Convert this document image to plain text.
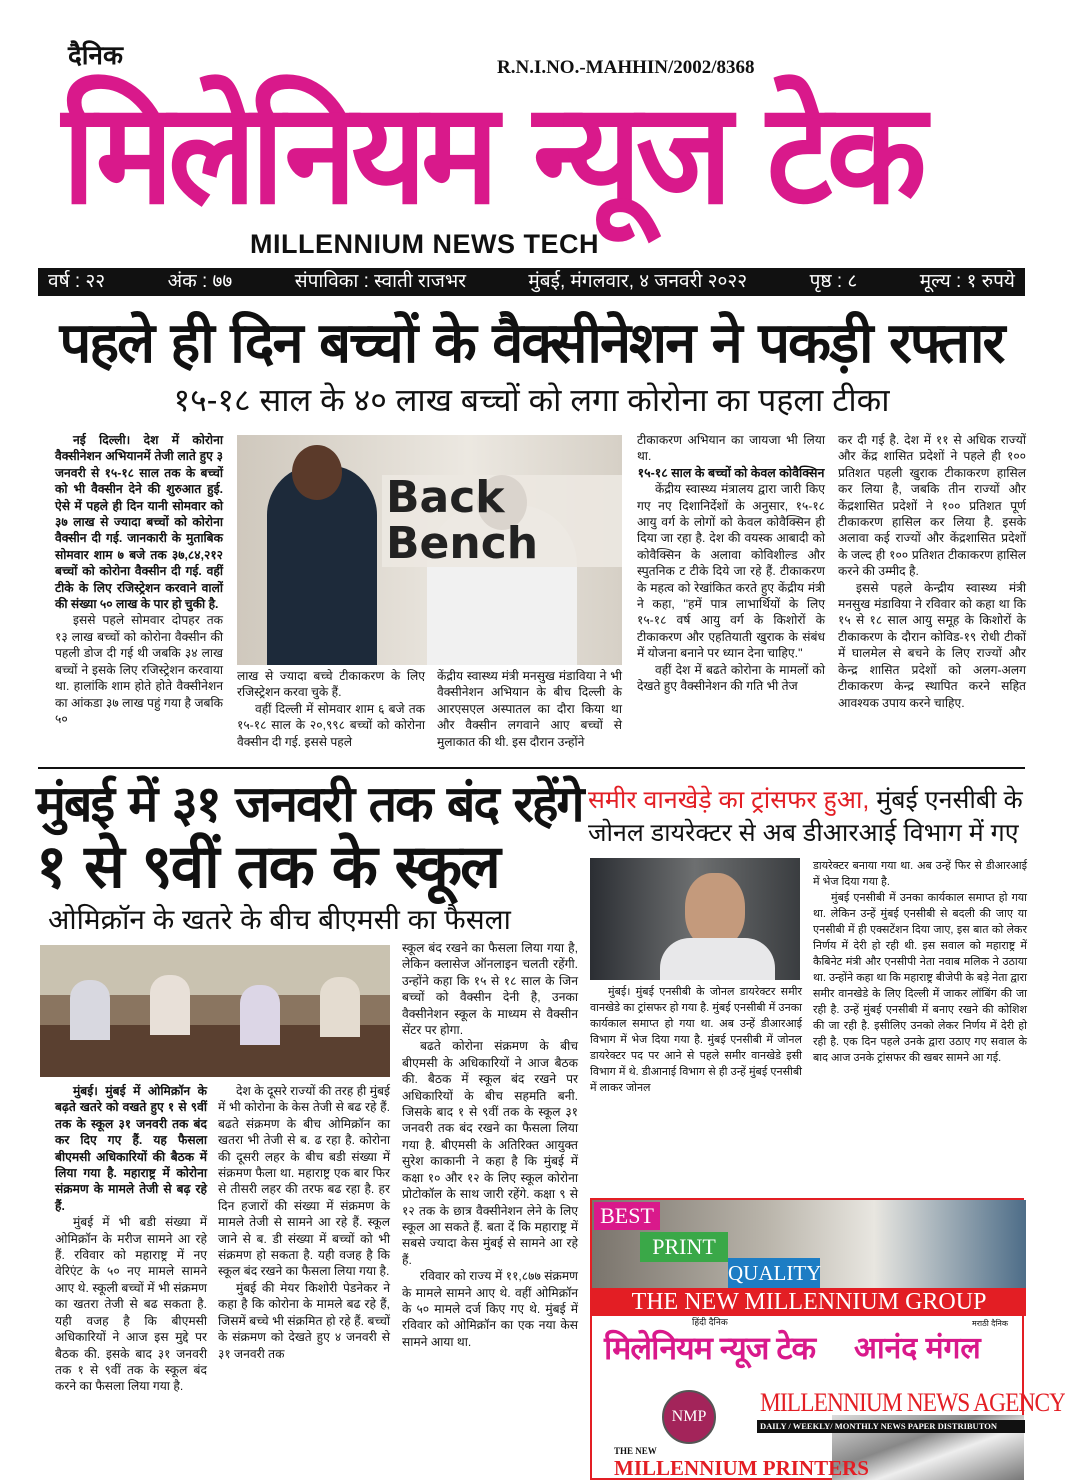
दैनिक	R.N.I.NO.-MAHHIN/2002/8368
मिलेनियम न्यूज टेक
MILLENNIUM NEWS TECH
वर्ष : २२	अंक : ७७	संपाविका : स्वाती राजभर	मुंबई, मंगलवार, ४ जनवरी २०२२	पृष्ठ : ८	मूल्य : १ रुपये
पहले ही दिन बच्चों के वैक्सीनेशन ने पकड़ी रफ्तार
१५-१८ साल के ४० लाख बच्चों को लगा कोरोना का पहला टीका

नई दिल्ली। देश में कोरोना वैक्सीनेशन अभियानमें तेजी लाते हुए ३ जनवरी से १५-१८ साल तक के बच्चों को भी वैक्सीन देने की शुरुआत हुई. ऐसे में पहले ही दिन यानी सोमवार को ३७ लाख से ज्यादा बच्चों को कोरोना वैक्सीन दी गई. जानकारी के मुताबिक सोमवार शाम ७ बजे तक ३७,८४,२१२ बच्चों को कोरोना वैक्सीन दी गई. वहीं टीके के लिए रजिस्ट्रेशन करवाने वालों की संख्या ५० लाख के पार हो चुकी है.

इससे पहले सोमवार दोपहर तक १३ लाख बच्चों को कोरोना वैक्सीन की पहली डोज दी गई थी जबकि ३४ लाख बच्चों ने इसके लिए रजिस्ट्रेशन करवाया था. हालांकि शाम होते होते वैक्सीनेशन का आंकडा ३७ लाख पहुं गया है जबकि ५०

Back Bench

लाख से ज्यादा बच्चे टीकाकरण के लिए रजिस्ट्रेशन करवा चुके हैं.

वहीं दिल्ली में सोमवार शाम ६ बजे तक १५-१८ साल के २०,९९८ बच्चों को कोरोना वैक्सीन दी गई. इससे पहले

केंद्रीय स्वास्थ्य मंत्री मनसुख मंडाविया ने भी वैक्सीनेशन अभियान के बीच दिल्ली के आरएसएल अस्पातल का दौरा किया था और वैक्सीन लगवाने आए बच्चों से मुलाकात की थी. इस दौरान उन्होंने

टीकाकरण अभियान का जायजा भी लिया था.

१५-१८ साल के बच्चों को केवल कोवैक्सिन

केंद्रीय स्वास्थ्य मंत्रालय द्वारा जारी किए गए नए दिशानिर्देशों के अनुसार, १५-१८ आयु वर्ग के लोगों को केवल कोवैक्सिन ही दिया जा रहा है. देश की वयस्क आबादी को कोवैक्सिन के अलावा कोविशील्ड और स्पुतनिक ट टीके दिये जा रहे हैं. टीकाकरण के महत्व को रेखांकित करते हुए केंद्रीय मंत्री ने कहा, ''हमें पात्र लाभार्थियों के लिए १५-१८ वर्ष आयु वर्ग के किशोरों के टीकाकरण और एहतियाती खुराक के संबंध में योजना बनाने पर ध्यान देना चाहिए.''

वहीं देश में बढते कोरोना के मामलों को देखते हुए वैक्सीनेशन की गति भी तेज

कर दी गई है. देश में ११ से अधिक राज्यों और केंद्र शासित प्रदेशों ने पहले ही १०० प्रतिशत पहली खुराक टीकाकरण हासिल कर लिया है, जबकि तीन राज्यों और केंद्रशासित प्रदेशों ने १०० प्रतिशत पूर्ण टीकाकरण हासिल कर लिया है. इसके अलावा कई राज्यों और केंद्रशासित प्रदेशों के जल्द ही १०० प्रतिशत टीकाकरण हासिल करने की उम्मीद है.

इससे पहले केन्द्रीय स्वास्थ्य मंत्री मनसुख मंडाविया ने रविवार को कहा था कि १५ से १८ साल आयु समूह के किशोरों के टीकाकरण के दौरान कोविड-१९ रोधी टीकों में घालमेल से बचने के लिए राज्यों और केन्द्र शासित प्रदेशों को अलग-अलग टीकाकरण केन्द्र स्थापित करने सहित आवश्यक उपाय करने चाहिए.

मुंबई में ३१ जनवरी तक बंद रहेंगे
१ से ९वीं तक के स्कूल
ओमिक्रॉन के खतरे के बीच बीएमसी का फैसला

मुंबई। मुंबई में ओमिक्रॉन के बढ़ते खतरे को वखते हुए १ से ९वीं तक के स्कूल ३१ जनवरी तक बंद कर दिए गए हैं. यह फैसला बीएमसी अधिकारियों की बैठक में लिया गया है. महाराष्ट्र में कोरोना संक्रमण के मामले तेजी से बढ़ रहे हैं.

मुंबई में भी बडी संख्या में ओमिक्रॉन के मरीज सामने आ रहे हैं. रविवार को महाराष्ट्र में नए वेरिएंट के ५० नए मामले सामने आए थे. स्कूली बच्चों में भी संक्रमण का खतरा तेजी से बढ सकता है. यही वजह है कि बीएमसी अधिकारियों ने आज इस मुद्दे पर बैठक की. इसके बाद ३१ जनवरी तक १ से ९वीं तक के स्कूल बंद करने का फैसला लिया गया है.

देश के दूसरे राज्यों की तरह ही मुंबई में भी कोरोना के केस तेजी से बढ रहे हैं. बढते संक्रमण के बीच ओमिक्रॉन का खतरा भी तेजी से ब. ढ रहा है. कोरोना की दूसरी लहर के बीच बडी संख्या में संक्रमण फैला था. महाराष्ट्र एक बार फिर से तीसरी लहर की तरफ बढ रहा है. हर दिन हजारों की संख्या में संक्रमण के मामले तेजी से सामने आ रहे हैं. स्कूल जाने से ब. डी संख्या में बच्चों को भी संक्रमण हो सकता है. यही वजह है कि स्कूल बंद रखने का फैसला लिया गया है.

मुंबई की मेयर किशोरी पेडनेकर ने कहा है कि कोरोना के मामले बढ रहे हैं, जिसमें बच्चे भी संक्रमित हो रहे हैं. बच्चों के संक्रमण को देखते हुए ४ जनवरी से ३१ जनवरी तक

स्कूल बंद रखने का फैसला लिया गया है, लेकिन क्लासेज ऑनलाइन चलती रहेंगी. उन्होंने कहा कि १५ से १८ साल के जिन बच्चों को वैक्सीन देनी है, उनका वैक्सीनेशन स्कूल के माध्यम से वैक्सीन सेंटर पर होगा.

बढते कोरोना संक्रमण के बीच बीएमसी के अधिकारियों ने आज बैठक की. बैठक में स्कूल बंद रखने पर अधिकारियों के बीच सहमति बनी. जिसके बाद १ से ९वीं तक के स्कूल ३१ जनवरी तक बंद रखने का फैसला लिया गया है. बीएमसी के अतिरिक्त आयुक्त सुरेश काकानी ने कहा है कि मुंबई में कक्षा १० और १२ के लिए स्कूल कोरोना प्रोटोकॉल के साथ जारी रहेंगे. कक्षा ९ से १२ तक के छात्र वैक्सीनेशन लेने के लिए स्कूल आ सकते हैं. बता दें कि महाराष्ट्र में सबसे ज्यादा केस मुंबई से सामने आ रहे हैं.

रविवार को राज्य में ११,८७७ संक्रमण के मामले सामने आए थे. वहीं ओमिक्रॉन के ५० मामले दर्ज किए गए थे. मुंबई में रविवार को ओमिक्रॉन का एक नया केस सामने आया था.

समीर वानखेड़े का ट्रांसफर हुआ, मुंबई एनसीबी के जोनल डायरेक्टर से अब डीआरआई विभाग में गए

मुंबई। मुंबई एनसीबी के जोनल डायरेक्टर समीर वानखेडे का ट्रांसफर हो गया है. मुंबई एनसीबी में उनका कार्यकाल समाप्त हो गया था. अब उन्हें डीआरआई विभाग में भेज दिया गया है. मुंबई एनसीबी में जोनल डायरेक्टर पद पर आने से पहले समीर वानखेडे इसी विभाग में थे. डीआनाई विभाग से ही उन्हें मुंबई एनसीबी में लाकर जोनल

डायरेक्टर बनाया गया था. अब उन्हें फिर से डीआरआई में भेज दिया गया है.

मुंबई एनसीबी में उनका कार्यकाल समाप्त हो गया था. लेकिन उन्हें मुंबई एनसीबी से बदली की जाए या एनसीबी में ही एक्सटेंशन दिया जाए, इस बात को लेकर निर्णय में देरी हो रही थी. इस सवाल को महाराष्ट्र में कैबिनेट मंत्री और एनसीपी नेता नवाब मलिक ने उठाया था. उन्होंने कहा था कि महाराष्ट्र बीजेपी के बड़े नेता द्वारा समीर वानखेडे के लिए दिल्ली में जाकर लॉबिंग की जा रही है. उन्हें मुंबई एनसीबी में बनाए रखने की कोशिश की जा रही है. इसीलिए उनको लेकर निर्णय में देरी हो रही है. एक दिन पहले उनके द्वारा उठाए गए सवाल के बाद आज उनके ट्रांसफर की खबर सामने आ गई.

BEST
PRINT
QUALITY
THE NEW MILLENNIUM GROUP
हिंदी दैनिक
मिलेनियम न्यूज टेक
मराठी दैनिक
आनंद मंगल
NMP	MILLENNIUM NEWS AGENCY
DAILY / WEEKLY/ MONTHLY NEWS PAPER DISTRIBUTON
THE NEW
MILLENNIUM PRINTERS
